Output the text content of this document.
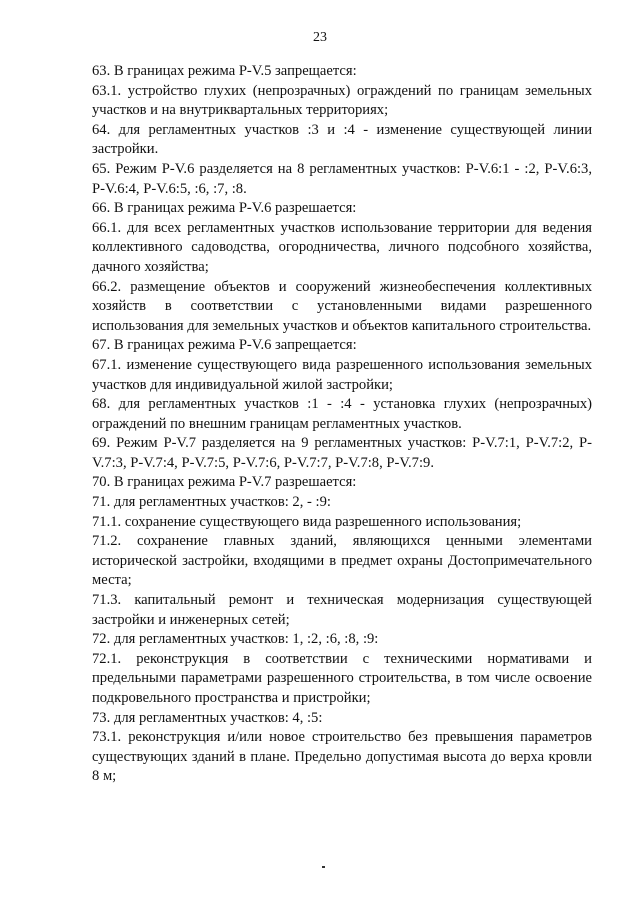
23

63. В границах режима Р-V.5 запрещается:

63.1. устройство глухих (непрозрачных) ограждений по границам земельных участков и на внутриквартальных территориях;

64. для регламентных участков :3 и :4 - изменение существующей линии застройки.

65. Режим Р-V.6 разделяется на 8 регламентных участков: Р-V.6:1 - :2, Р-V.6:3, Р-V.6:4, Р-V.6:5, :6, :7, :8.

66. В границах режима Р-V.6 разрешается:

66.1. для всех регламентных участков использование территории для ведения коллективного садоводства, огородничества, личного подсобного хозяйства, дачного хозяйства;

66.2. размещение объектов и сооружений жизнеобеспечения коллективных хозяйств в соответствии с установленными видами разрешенного использования для земельных участков и объектов капитального строительства.

67. В границах режима Р-V.6 запрещается:

67.1. изменение существующего вида разрешенного использования земельных участков для индивидуальной жилой застройки;

68. для регламентных участков :1 - :4 - установка глухих (непрозрачных) ограждений по внешним границам регламентных участков.

69. Режим Р-V.7 разделяется на 9 регламентных участков: Р-V.7:1, Р-V.7:2, Р-V.7:3, Р-V.7:4, Р-V.7:5, Р-V.7:6, Р-V.7:7, Р-V.7:8, Р-V.7:9.

70. В границах режима Р-V.7 разрешается:

71. для регламентных участков: 2, - :9:

71.1. сохранение существующего вида разрешенного использования;

71.2. сохранение главных зданий, являющихся ценными элементами исторической застройки, входящими в предмет охраны Достопримечательного места;

71.3. капитальный ремонт и техническая модернизация существующей застройки и инженерных сетей;

72. для регламентных участков: 1, :2, :6, :8, :9:

72.1. реконструкция в соответствии с техническими нормативами и предельными параметрами разрешенного строительства, в том числе освоение подкровельного пространства и пристройки;

73. для регламентных участков: 4, :5:

73.1. реконструкция и/или новое строительство без превышения параметров существующих зданий в плане. Предельно допустимая высота до верха кровли 8 м;
